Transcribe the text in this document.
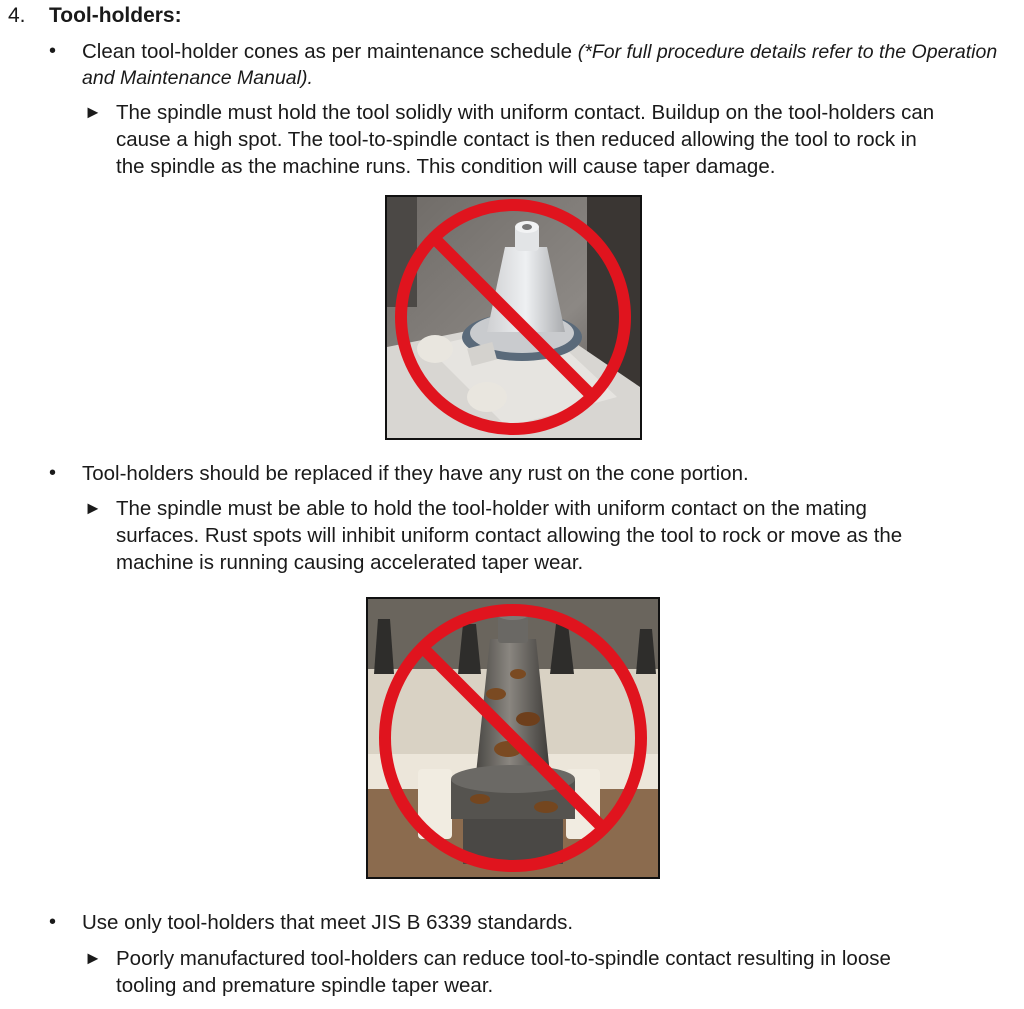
4. Tool-holders:
• Clean tool-holder cones as per maintenance schedule (*For full procedure details refer to the Operation
and Maintenance Manual).
► The spindle must hold the tool solidly with uniform contact. Buildup on the tool-holders can
cause a high spot. The tool-to-spindle contact is then reduced allowing the tool to rock in
the spindle as the machine runs. This condition will cause taper damage.
• Tool-holders should be replaced if they have any rust on the cone portion.
► The spindle must be able to hold the tool-holder with uniform contact on the mating
surfaces. Rust spots will inhibit uniform contact allowing the tool to rock or move as the
machine is running causing accelerated taper wear.
• Use only tool-holders that meet JIS B 6339 standards.
► Poorly manufactured tool-holders can reduce tool-to-spindle contact resulting in loose
tooling and premature spindle taper wear.
